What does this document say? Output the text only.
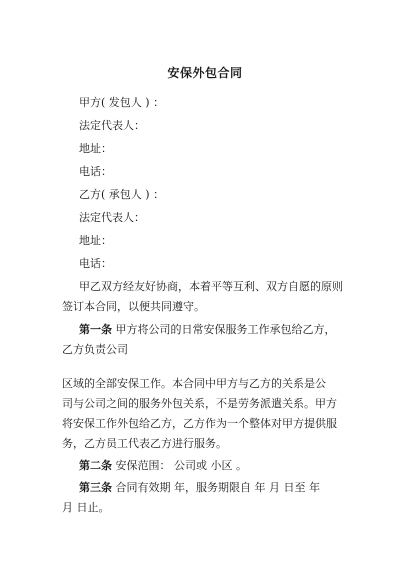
安保外包合同
甲方( 发包人 ) ：
法定代表人：
地址：
电话：
乙方( 承包人 ) ：
法定代表人：
地址：
电话：
甲乙双方经友好协商，本着平等互利、双方自愿的原则
签订本合同，以便共同遵守。
第一条 甲方将公司的日常安保服务工作承包给乙方，
乙方负责公司
区域的全部安保工作。本合同中甲方与乙方的关系是公
司与公司之间的服务外包关系，不是劳务派遣关系。甲方
将安保工作外包给乙方，乙方作为一个整体对甲方提供服
务，乙方员工代表乙方进行服务。
第二条 安保范围： 公司或 小区 。
第三条 合同有效期 年，服务期限自 年 月 日至 年
月 日止。
